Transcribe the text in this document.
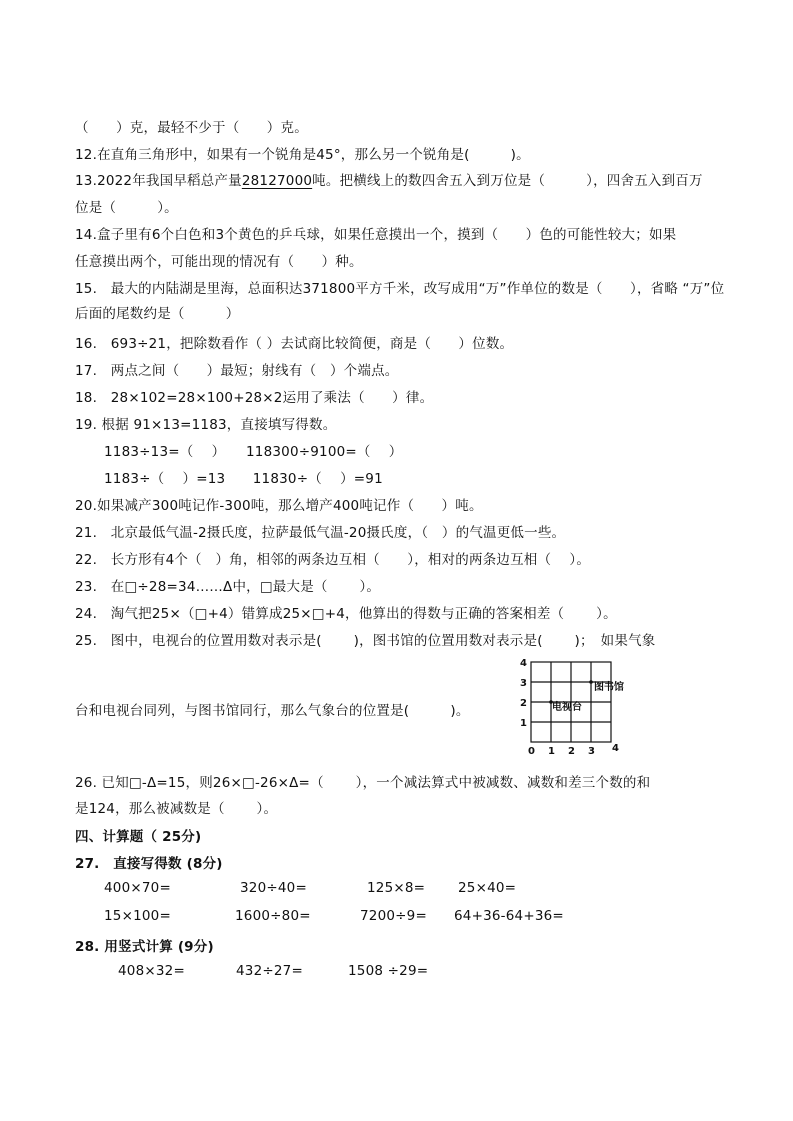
（　　）克，最轻不少于（　　）克。
12.在直角三角形中，如果有一个锐角是45°，那么另一个锐角是(　　　)。
13.2022年我国早稻总产量28127000吨。把横线上的数四舍五入到万位是（　　　），四舍五入到百万
位是（　　　）。
14.盒子里有6个白色和3个黄色的乒乓球，如果任意摸出一个，摸到（　　）色的可能性较大；如果
任意摸出两个，可能出现的情况有（　　）种。
15.　最大的内陆湖是里海，总面积达371800平方千米，改写成用“万”作单位的数是（　　），省略 “万”位
后面的尾数约是（　　　）
16.　693÷21，把除数看作（ ）去试商比较简便，商是（　　）位数。
17.　两点之间（　　）最短；射线有（　）个端点。
18.　28×102=28×100+28×2运用了乘法（　　）律。
19. 根据 91×13=1183，直接填写得数。
1183÷13=（　 ）　　118300÷9100=（　 ）
1183÷（　 ）=13　　11830÷（　 ）=91
20.如果减产300吨记作-300吨，那么增产400吨记作（　　）吨。
21.　北京最低气温-2摄氏度，拉萨最低气温-20摄氏度，（　）的气温更低一些。
22.　长方形有4个（　）角，相邻的两条边互相（　　），相对的两条边互相（　 ）。
23.　在□÷28=34……Δ中，□最大是（　　 ）。
24.　淘气把25×（□+4）错算成25×□+4，他算出的得数与正确的答案相差（　　 ）。
25.　图中，电视台的位置用数对表示是(　　 )，图书馆的位置用数对表示是(　　 )；　如果气象
台和电视台同列，与图书馆同行，那么气象台的位置是(　　　)。
0 1 2 3 4
1
2
3
4
图书馆
电视台
26. 已知□-Δ=15，则26×□-26×Δ=（　　 ），一个减法算式中被减数、减数和差三个数的和
是124，那么被减数是（　　 ）。
四、计算题（ 25分)
27.　直接写得数 (8分)
400×70=	320÷40=	125×8= 25×40=
15×100=	1600÷80=	7200÷9= 64+36-64+36=
28. 用竖式计算 (9分)
408×32=	432÷27=	1508 ÷29=
